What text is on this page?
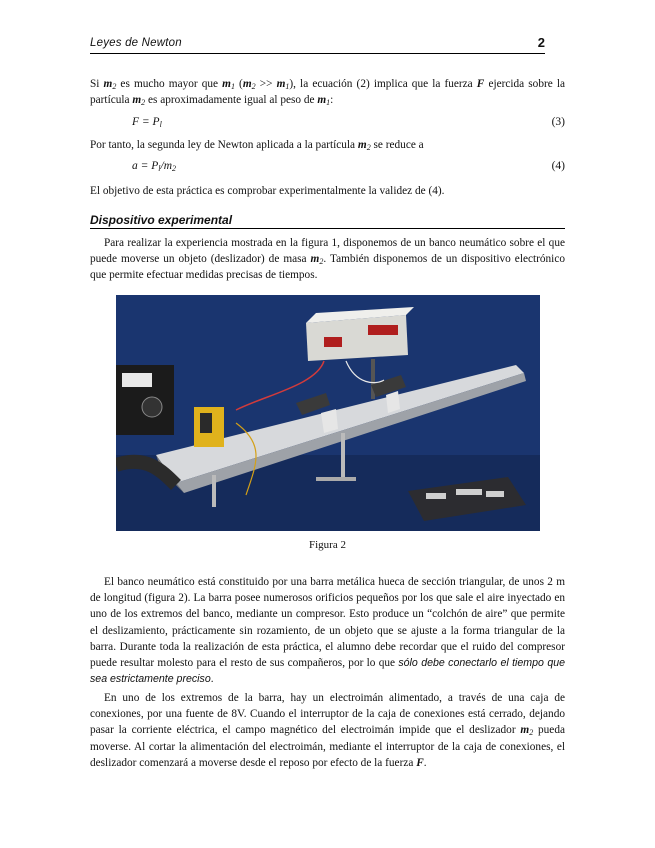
Leyes de Newton	2
Si $m_2$ es mucho mayor que $m_1$ $(m_2 >> m_1)$, la ecuación (2) implica que la fuerza F ejercida sobre la partícula $m_2$ es aproximadamente igual al peso de $m_1$:
$F = P_l$	(3)
Por tanto, la segunda ley de Newton aplicada a la partícula $m_2$ se reduce a
$a = P_l/m_2$	(4)
El objetivo de esta práctica es comprobar experimentalmente la validez de (4).
Dispositivo experimental
Para realizar la experiencia mostrada en la figura 1, disponemos de un banco neumático sobre el que puede moverse un objeto (deslizador) de masa $m_2$. También disponemos de un dispositivo electrónico que permite efectuar medidas precisas de tiempos.
Figura 2
El banco neumático está constituido por una barra metálica hueca de sección triangular, de unos 2 m de longitud (figura 2). La barra posee numerosos orificios pequeños por los que sale el aire inyectado en uno de los extremos del banco, mediante un compresor. Esto produce un “colchón de aire” que permite el deslizamiento, prácticamente sin rozamiento, de un objeto que se ajuste a la forma triangular de la barra. Durante toda la realización de esta práctica, el alumno debe recordar que el ruido del compresor puede resultar molesto para el resto de sus compañeros, por lo que sólo debe conectarlo el tiempo que sea estrictamente preciso.
En uno de los extremos de la barra, hay un electroimán alimentado, a través de una caja de conexiones, por una fuente de 8V. Cuando el interruptor de la caja de conexiones está cerrado, dejando pasar la corriente eléctrica, el campo magnético del electroimán impide que el deslizador $m_2$ pueda moverse. Al cortar la alimentación del electroimán, mediante el interruptor de la caja de conexiones, el deslizador comenzará a moverse desde el reposo por efecto de la fuerza F.
